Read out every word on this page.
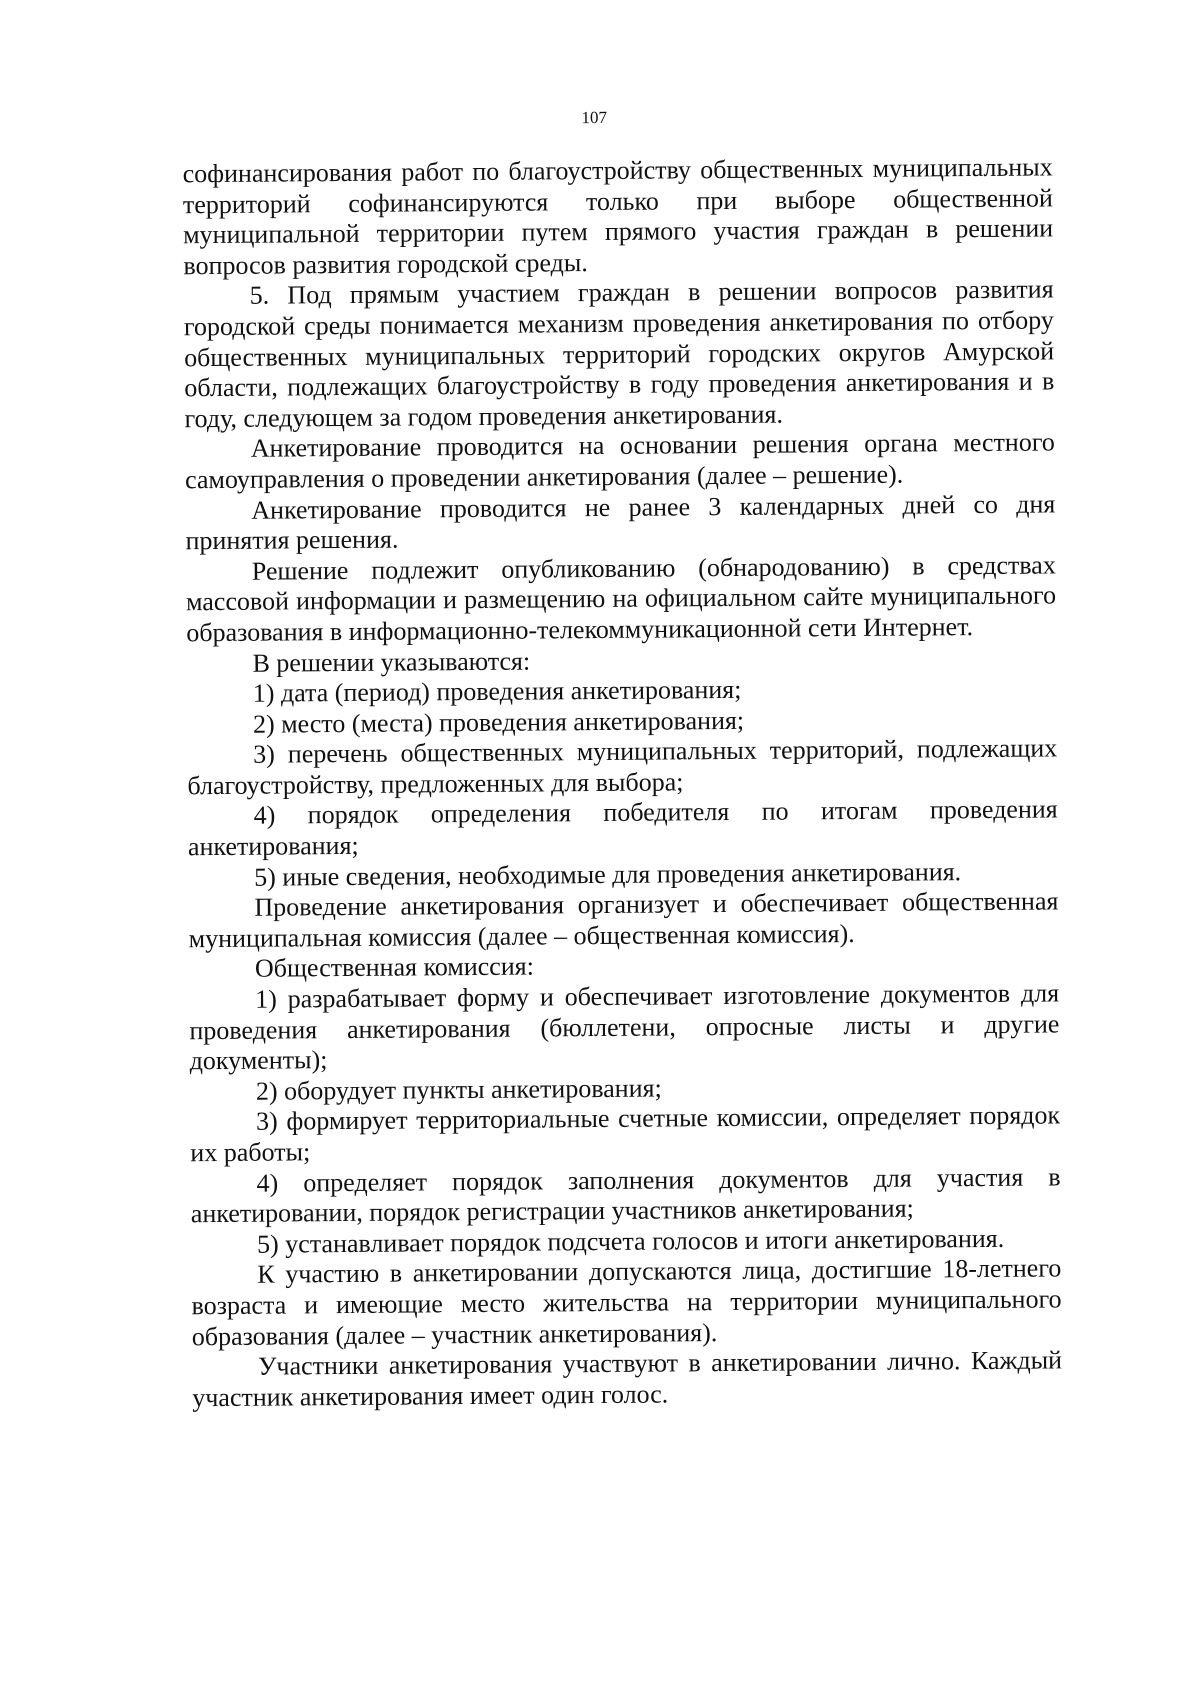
107

софинансирования работ по благоустройству общественных муниципальных территорий софинансируются только при выборе общественной муниципальной территории путем прямого участия граждан в решении вопросов развития городской среды.

5. Под прямым участием граждан в решении вопросов развития городской среды понимается механизм проведения анкетирования по отбору общественных муниципальных территорий городских округов Амурской области, подлежащих благоустройству в году проведения анкетирования и в году, следующем за годом проведения анкетирования.

Анкетирование проводится на основании решения органа местного самоуправления о проведении анкетирования (далее – решение).

Анкетирование проводится не ранее 3 календарных дней со дня принятия решения.

Решение подлежит опубликованию (обнародованию) в средствах массовой информации и размещению на официальном сайте муниципального образования в информационно-телекоммуникационной сети Интернет.

В решении указываются:

1) дата (период) проведения анкетирования;

2) место (места) проведения анкетирования;

3) перечень общественных муниципальных территорий, подлежащих благоустройству, предложенных для выбора;

4) порядок определения победителя по итогам проведения анкетирования;

5) иные сведения, необходимые для проведения анкетирования.

Проведение анкетирования организует и обеспечивает общественная муниципальная комиссия (далее – общественная комиссия).

Общественная комиссия:

1) разрабатывает форму и обеспечивает изготовление документов для проведения анкетирования (бюллетени, опросные листы и другие документы);

2) оборудует пункты анкетирования;

3) формирует территориальные счетные комиссии, определяет порядок их работы;

4) определяет порядок заполнения документов для участия в анкетировании, порядок регистрации участников анкетирования;

5) устанавливает порядок подсчета голосов и итоги анкетирования.

К участию в анкетировании допускаются лица, достигшие 18-летнего возраста и имеющие место жительства на территории муниципального образования (далее – участник анкетирования).

Участники анкетирования участвуют в анкетировании лично. Каждый участник анкетирования имеет один голос.
